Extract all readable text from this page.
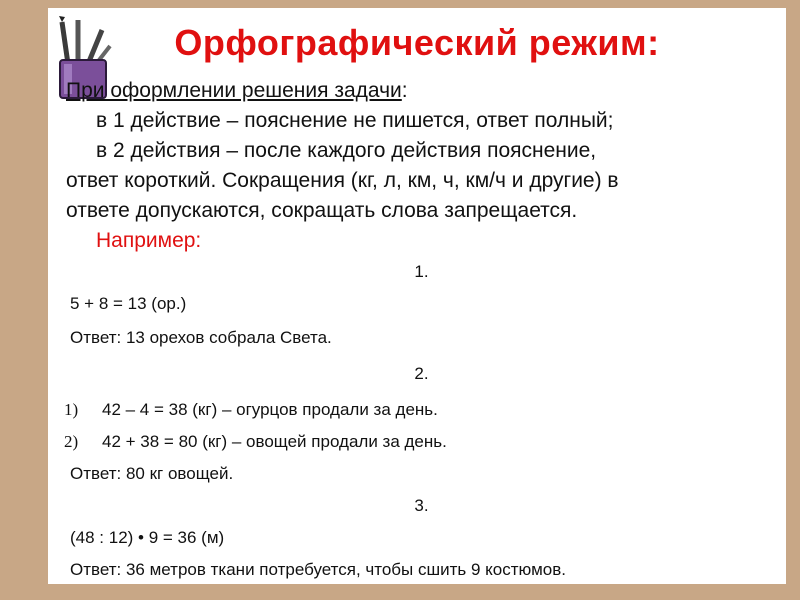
Орфографический режим:

При оформлении решения задачи:

в 1 действие – пояснение не пишется, ответ полный;

в 2 действия – после каждого действия пояснение,

ответ короткий. Сокращения (кг, л, км, ч, км/ч и другие) в

ответе допускаются, сокращать слова запрещается.

Например:

1.
5 + 8 = 13 (ор.)
Ответ: 13 орехов собрала Света.
2.
1) 42 – 4 = 38 (кг) – огурцов продали за день.
2) 42 + 38 = 80 (кг) – овощей продали за день.
Ответ: 80 кг овощей.
3.
(48 : 12) • 9 = 36 (м)
Ответ: 36 метров ткани потребуется, чтобы сшить 9 костюмов.
